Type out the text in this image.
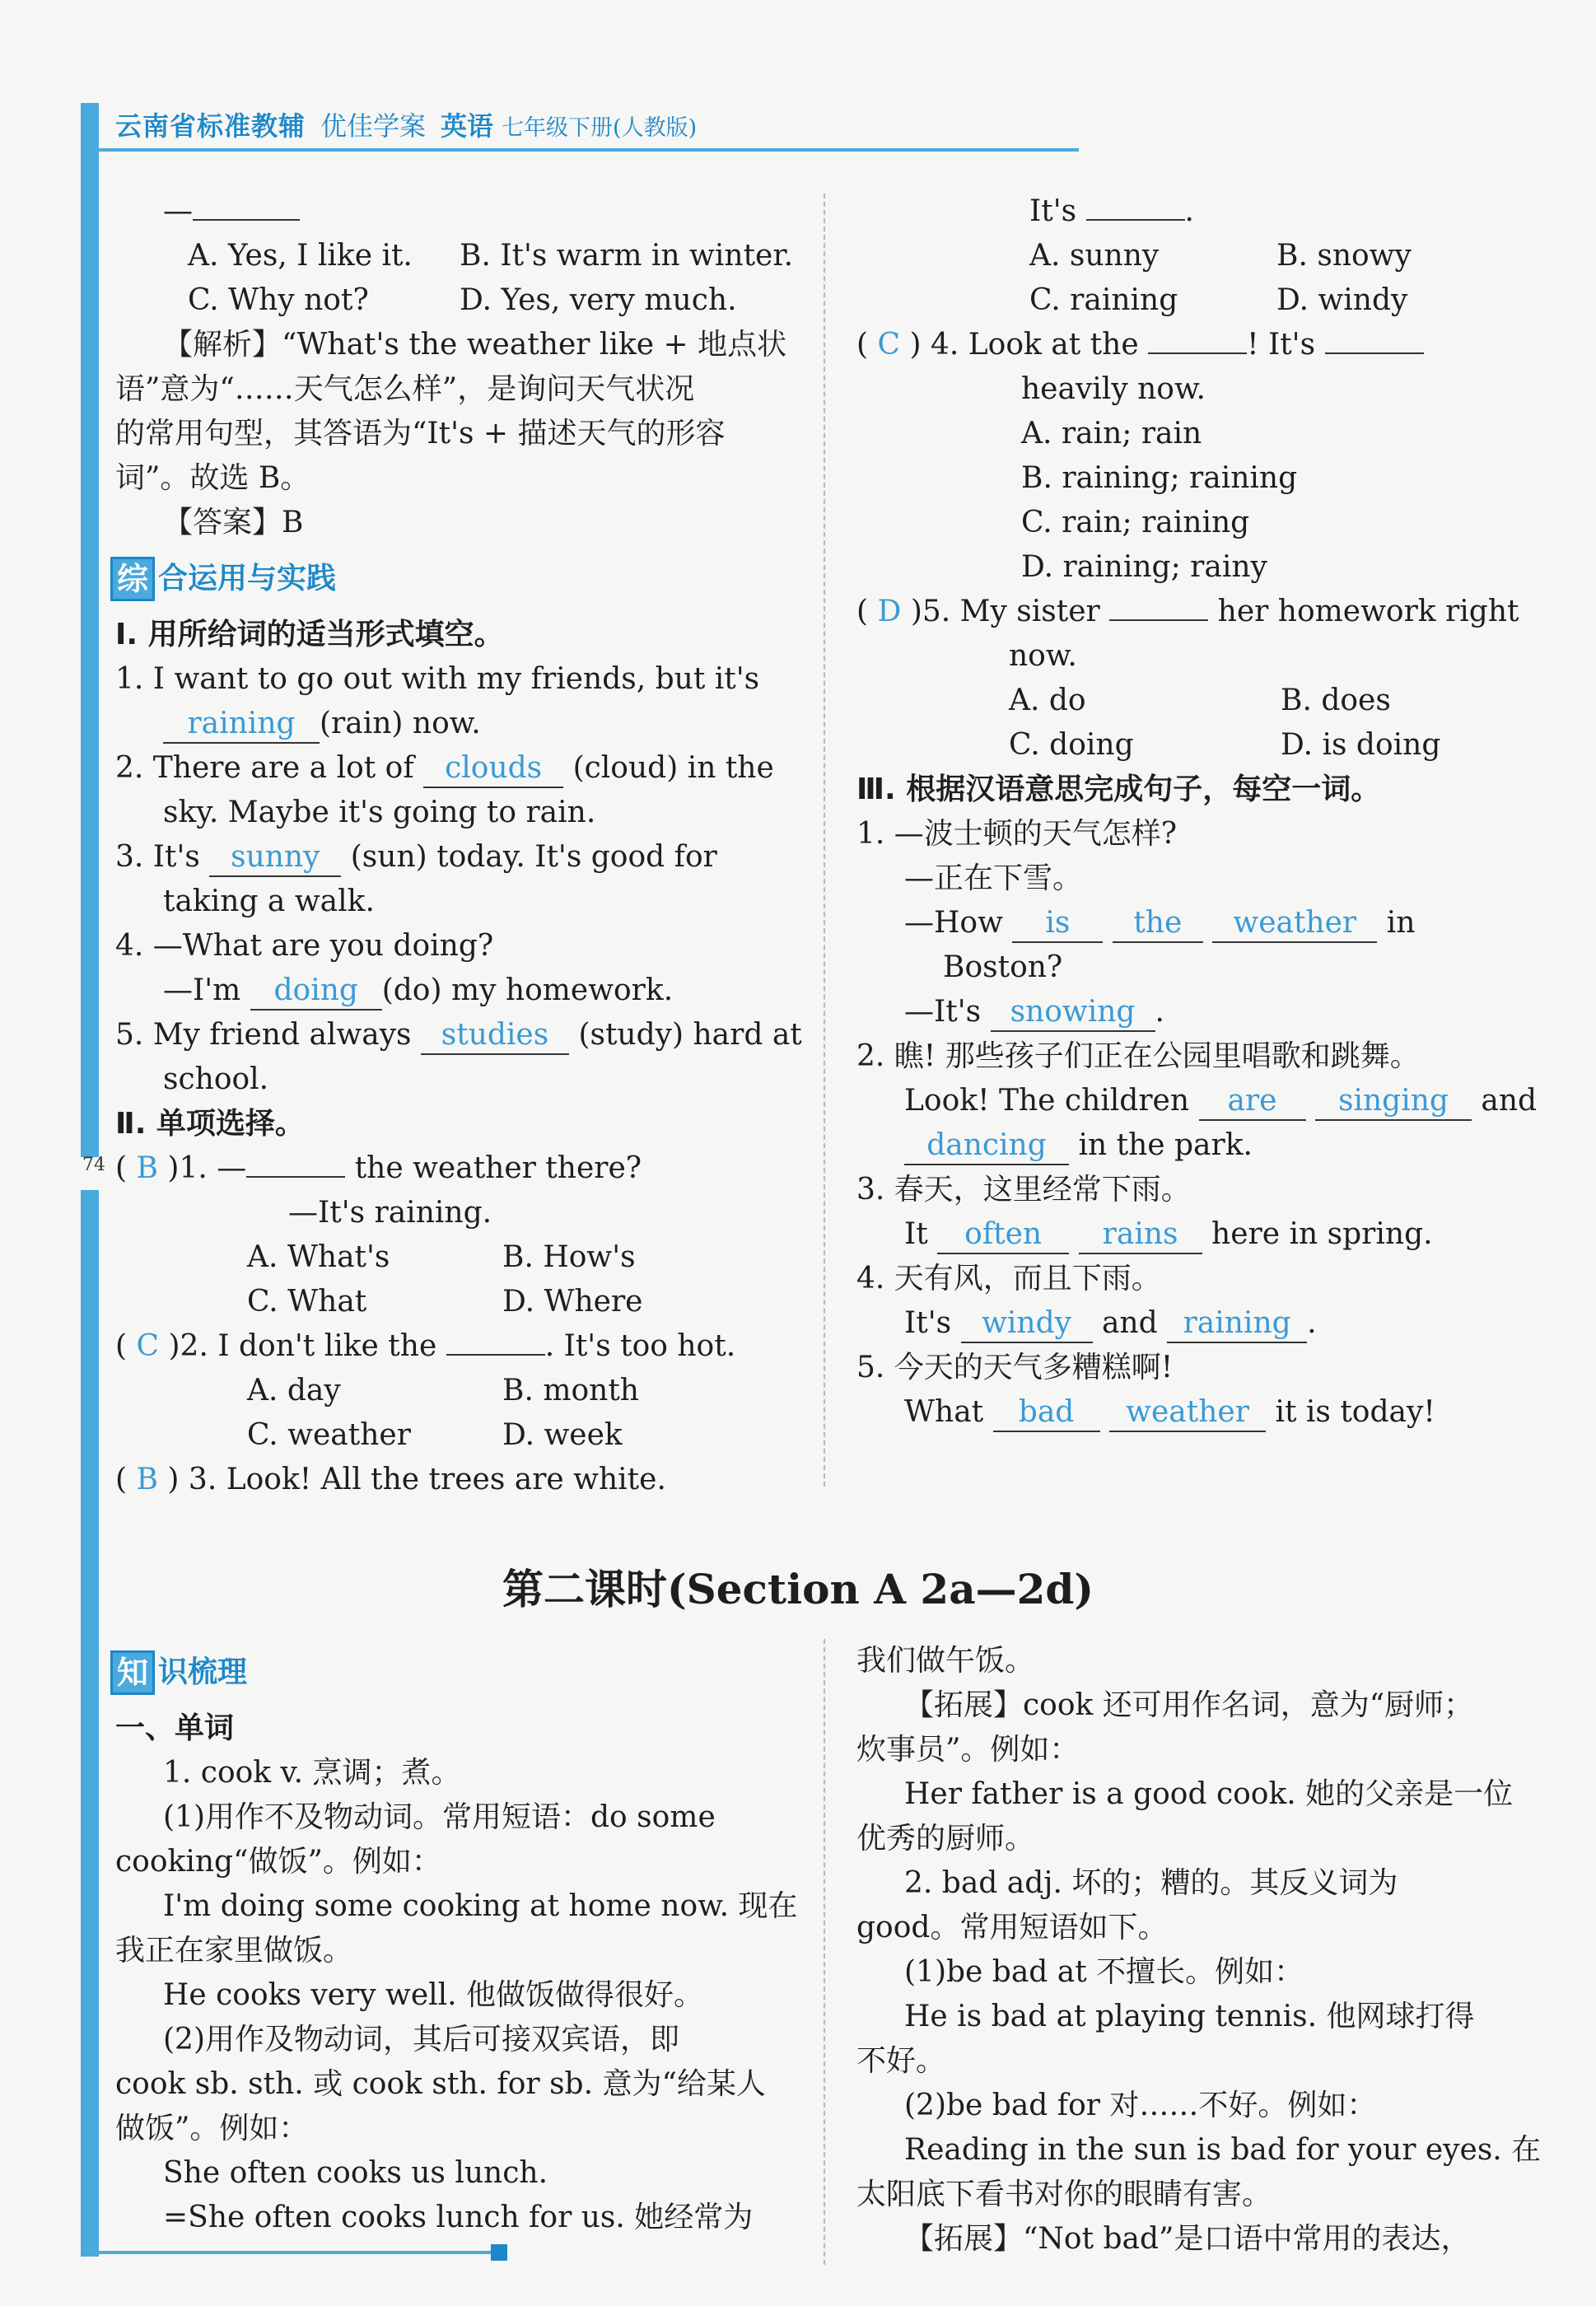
云南省标准教辅 优佳学案 英语 七年级下册(人教版)
74
—
A. Yes, I like it. B. It's warm in winter.
C. Why not?	D. Yes, very much.
【解析】“What's the weather like + 地点状
语”意为“……天气怎么样”，是询问天气状况
的常用句型，其答语为“It's + 描述天气的形容
词”。故选 B。
【答案】B
综 合运用与实践
Ⅰ. 用所给词的适当形式填空。
1. I want to go out with my friends, but it's
raining (rain) now.
2. There are a lot of clouds (cloud) in the
sky. Maybe it's going to rain.
3. It's sunny (sun) today. It's good for
taking a walk.
4. —What are you doing?
—I'm doing (do) my homework.
5. My friend always studies (study) hard at
school.
Ⅱ. 单项选择。
( B )1. —	the weather there?
—It's raining.
A. What's	B. How's
C. What	D. Where
( C )2. I don't like the	. It's too hot.
A. day	B. month
C. weather	D. week
( B ) 3. Look! All the trees are white.
It's	.
A. sunny	B. snowy
C. raining	D. windy
( C ) 4. Look at the	! It's
heavily now.
A. rain; rain
B. raining; raining
C. rain; raining
D. raining; rainy
( D )5. My sister	her homework right
now.
A. do	B. does
C. doing	D. is doing
Ⅲ. 根据汉语意思完成句子，每空一词。
1. —波士顿的天气怎样?
—正在下雪。
—How is the weather in
Boston?
—It's snowing .
2. 瞧! 那些孩子们正在公园里唱歌和跳舞。
Look! The children are singing and
dancing in the park.
3. 春天，这里经常下雨。
It often rains here in spring.
4. 天有风，而且下雨。
It's windy and raining .
5. 今天的天气多糟糕啊!
What bad weather it is today!
第二课时(Section A 2a—2d)
知 识梳理
一、单词
1. cook v. 烹调；煮。
(1)用作不及物动词。常用短语：do some
cooking“做饭”。例如：
I'm doing some cooking at home now. 现在
我正在家里做饭。
He cooks very well. 他做饭做得很好。
(2)用作及物动词，其后可接双宾语，即
cook sb. sth. 或 cook sth. for sb. 意为“给某人
做饭”。例如：
She often cooks us lunch.
=She often cooks lunch for us. 她经常为
我们做午饭。
【拓展】cook 还可用作名词，意为“厨师；
炊事员”。例如：
Her father is a good cook. 她的父亲是一位
优秀的厨师。
2. bad adj. 坏的；糟的。其反义词为
good。常用短语如下。
(1)be bad at 不擅长。例如：
He is bad at playing tennis. 他网球打得
不好。
(2)be bad for 对……不好。例如：
Reading in the sun is bad for your eyes. 在
太阳底下看书对你的眼睛有害。
【拓展】“Not bad”是口语中常用的表达，
